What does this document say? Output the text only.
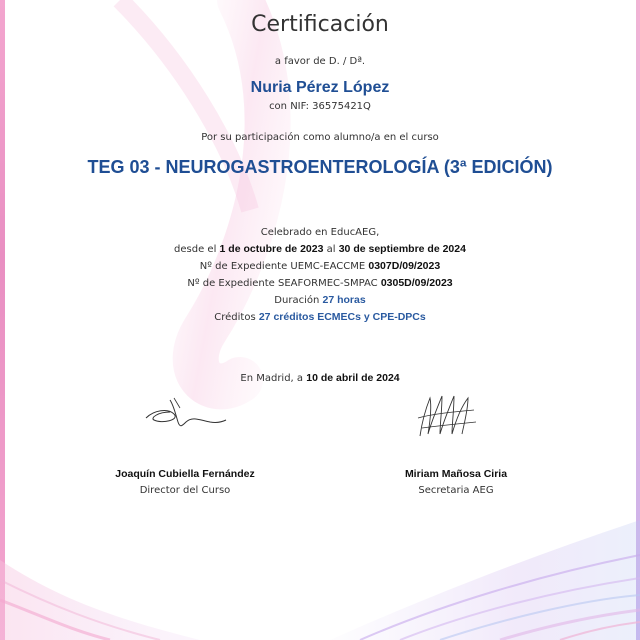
Certificación
a favor de D. / Dª.
Nuria Pérez López
con NIF: 36575421Q
Por su participación como alumno/a en el curso
TEG 03 - NEUROGASTROENTEROLOGÍA (3ª EDICIÓN)
Celebrado en EducAEG,
desde el 1 de octubre de 2023 al 30 de septiembre de 2024
Nº de Expediente UEMC-EACCME 0307D/09/2023
Nº de Expediente SEAFORMEC-SMPAC 0305D/09/2023
Duración 27 horas
Créditos 27 créditos ECMECs y CPE-DPCs
En Madrid, a 10 de abril de 2024
Joaquín Cubiella Fernández
Director del Curso
Miriam Mañosa Ciria
Secretaria AEG
